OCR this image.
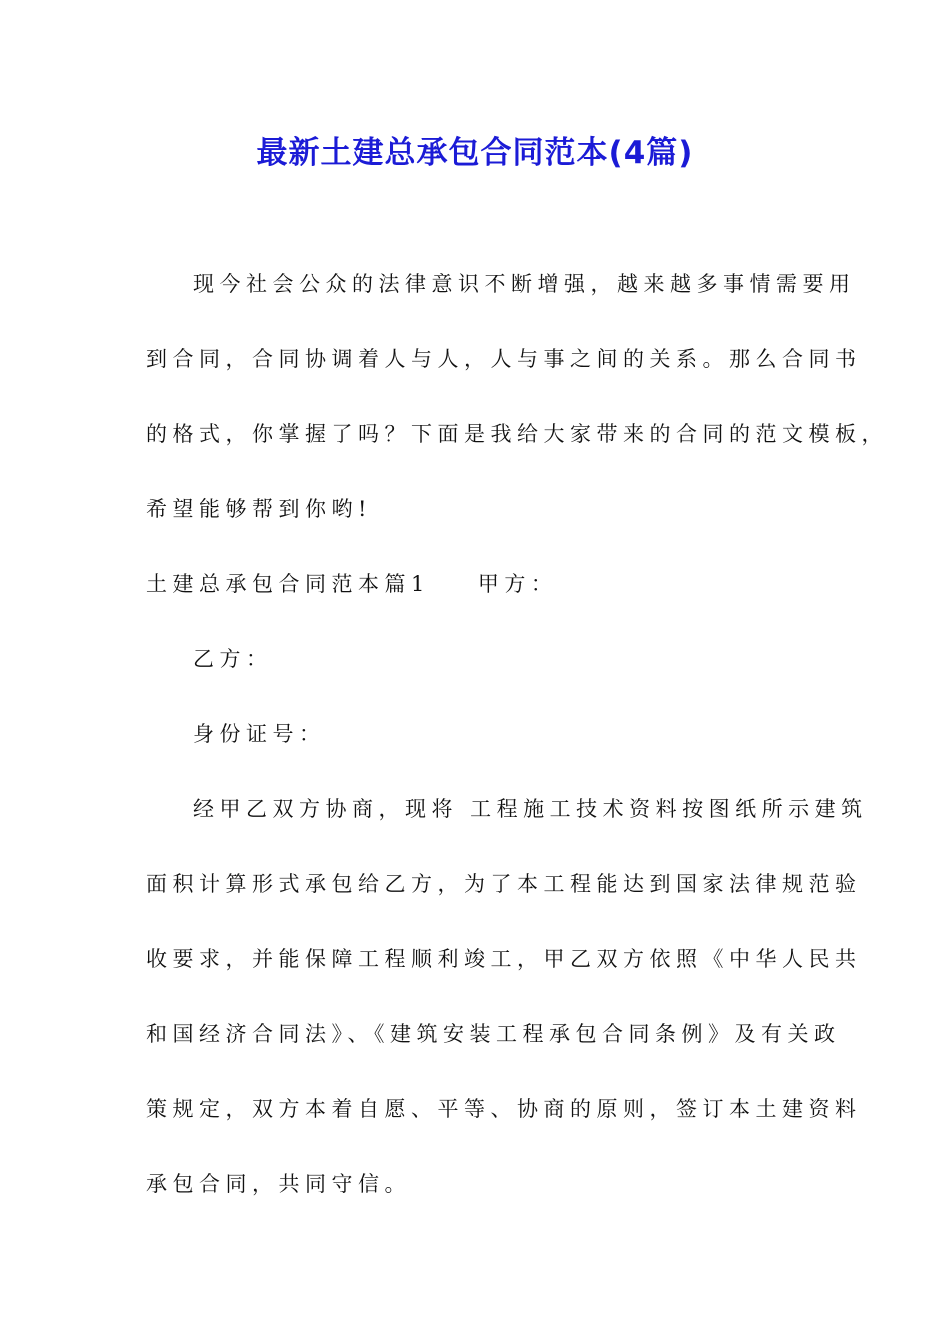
最新土建总承包合同范本(4篇)
现今社会公众的法律意识不断增强，越来越多事情需要用
到合同，合同协调着人与人，人与事之间的关系。那么合同书
的格式，你掌握了吗？下面是我给大家带来的合同的范文模板，
希望能够帮到你哟!
土建总承包合同范本篇1 甲方：
乙方：
身份证号：
经甲乙双方协商，现将 工程施工技术资料按图纸所示建筑
面积计算形式承包给乙方，为了本工程能达到国家法律规范验
收要求，并能保障工程顺利竣工，甲乙双方依照《中华人民共
和国经济合同法》、《建筑安装工程承包合同条例》及有关政
策规定，双方本着自愿、平等、协商的原则，签订本土建资料
承包合同，共同守信。
